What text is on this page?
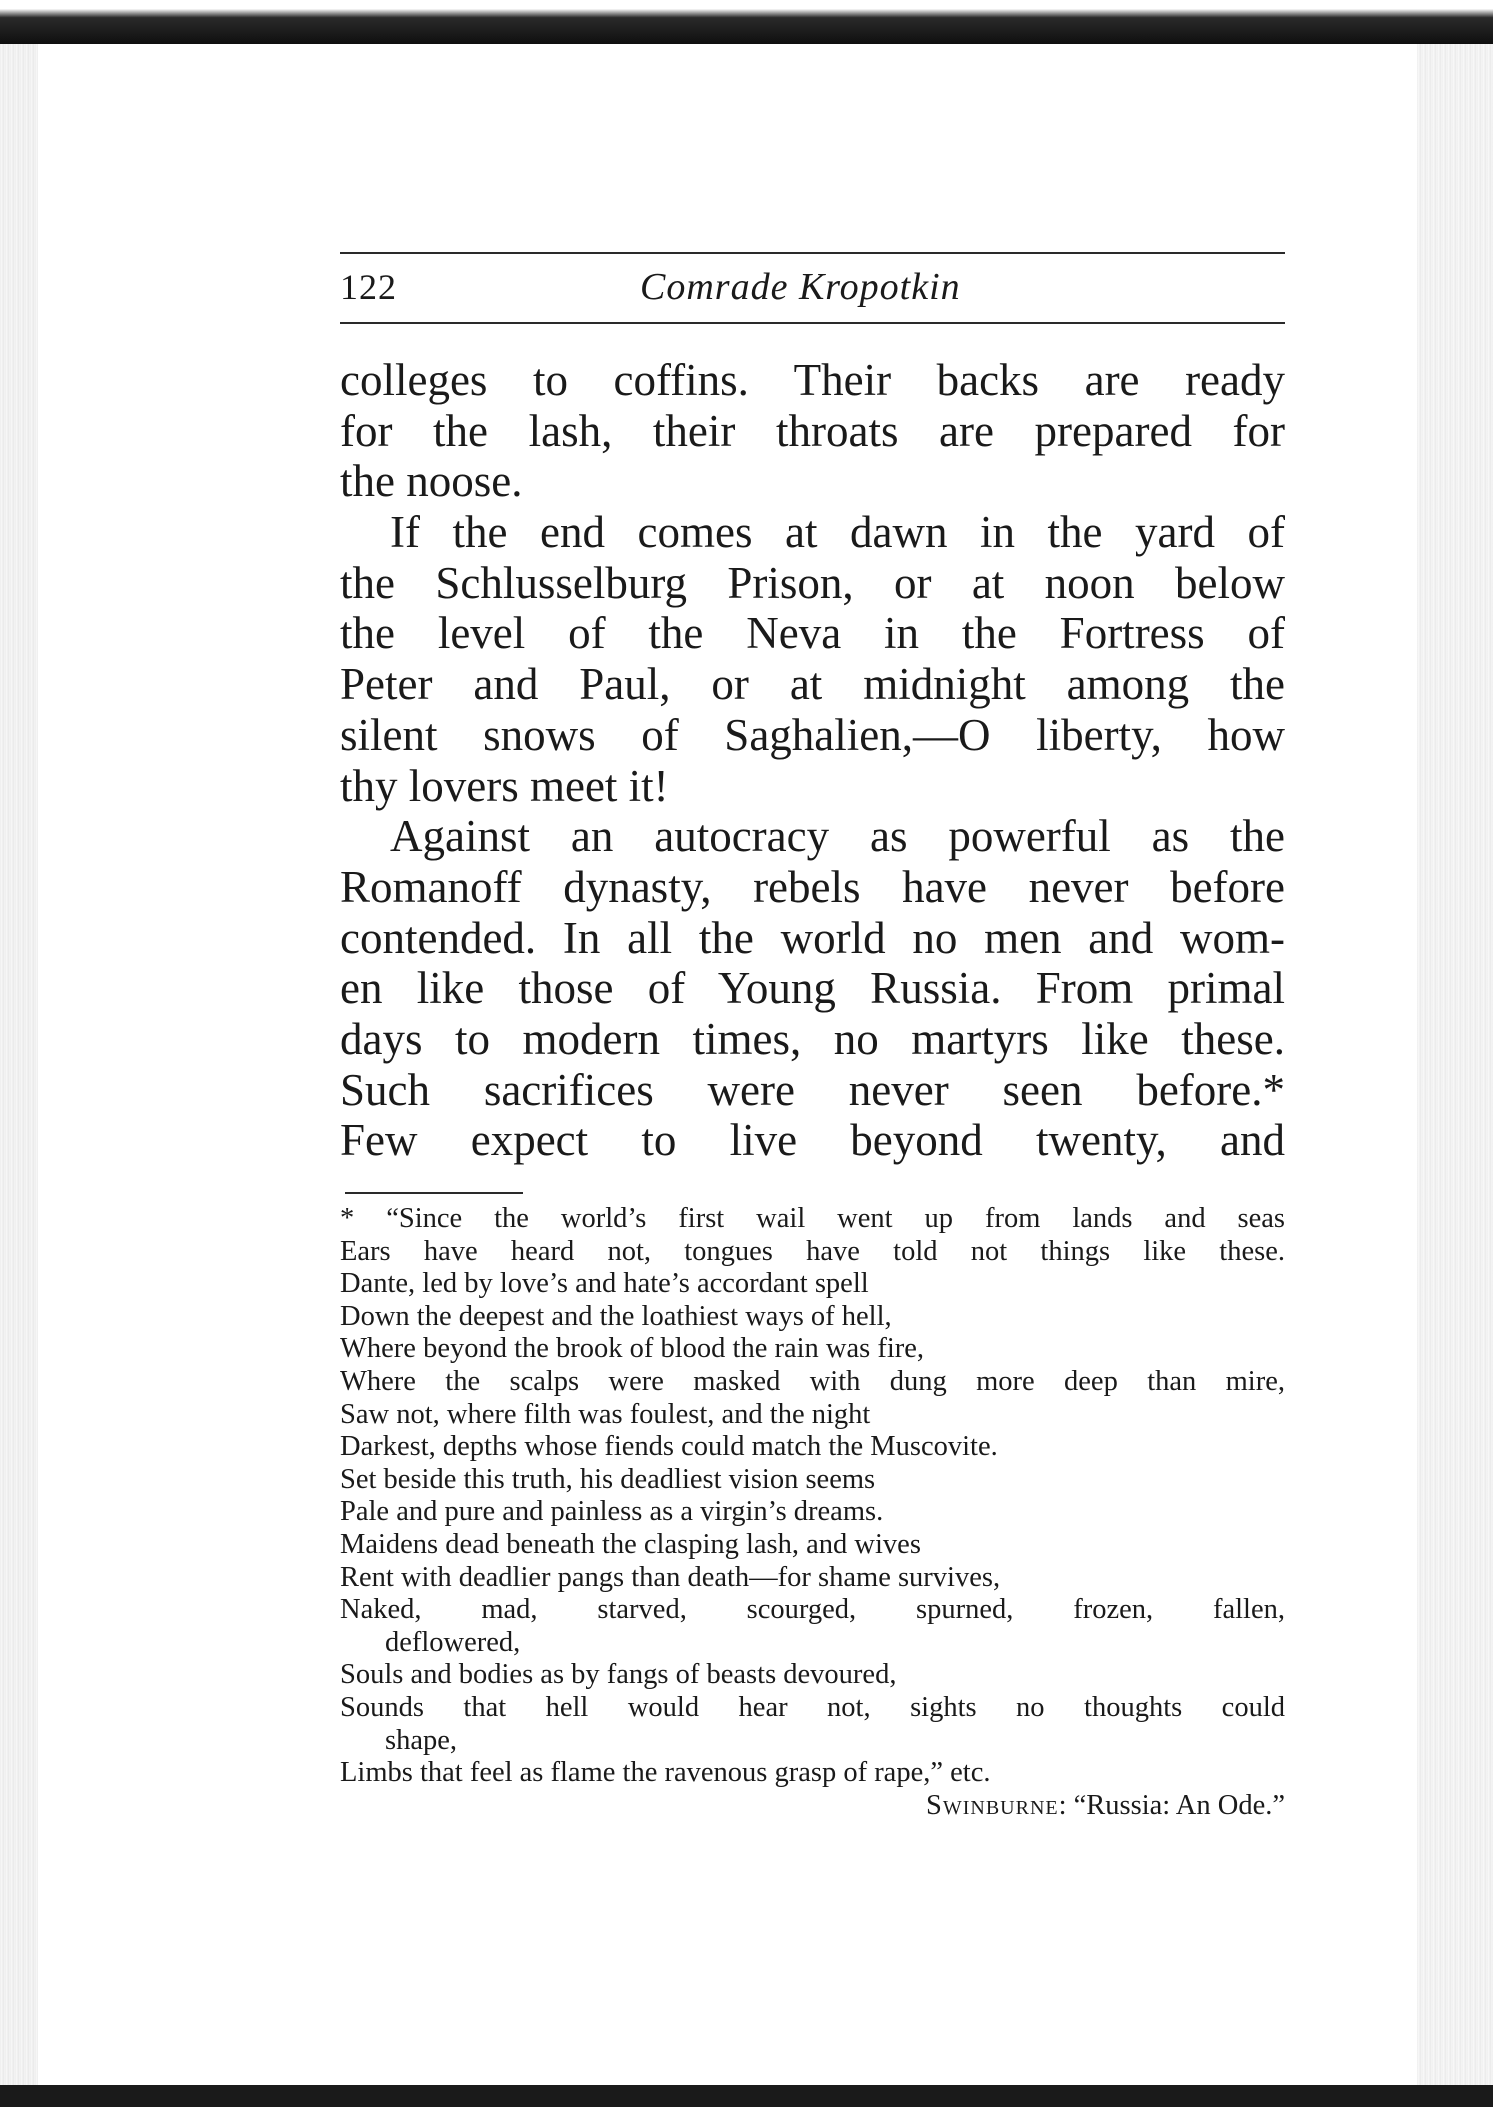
122	Comrade Kropotkin
colleges to coffins. Their backs are ready
for the lash, their throats are prepared for
the noose.
If the end comes at dawn in the yard of
the Schlusselburg Prison, or at noon below
the level of the Neva in the Fortress of
Peter and Paul, or at midnight among the
silent snows of Saghalien,—O liberty, how
thy lovers meet it!
Against an autocracy as powerful as the
Romanoff dynasty, rebels have never before
contended. In all the world no men and wom-
en like those of Young Russia. From primal
days to modern times, no martyrs like these.
Such sacrifices were never seen before.*
Few expect to live beyond twenty, and
* “Since the world’s first wail went up from lands and seas
Ears have heard not, tongues have told not things like these.
Dante, led by love’s and hate’s accordant spell
Down the deepest and the loathiest ways of hell,
Where beyond the brook of blood the rain was fire,
Where the scalps were masked with dung more deep than mire,
Saw not, where filth was foulest, and the night
Darkest, depths whose fiends could match the Muscovite.
Set beside this truth, his deadliest vision seems
Pale and pure and painless as a virgin’s dreams.
Maidens dead beneath the clasping lash, and wives
Rent with deadlier pangs than death—for shame survives,
Naked, mad, starved, scourged, spurned, frozen, fallen,
deflowered,
Souls and bodies as by fangs of beasts devoured,
Sounds that hell would hear not, sights no thoughts could
shape,
Limbs that feel as flame the ravenous grasp of rape,” etc.
Swinburne: “Russia: An Ode.”
